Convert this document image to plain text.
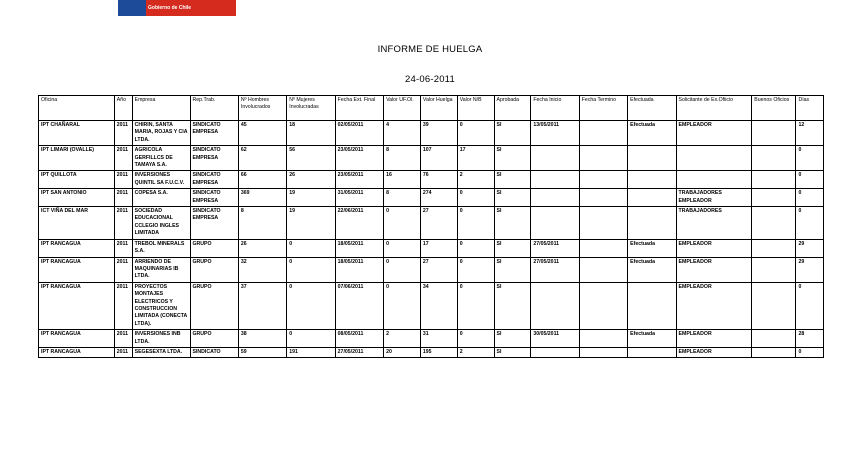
Gobierno de Chile
INFORME DE HUELGA
24-06-2011
Oficina	Año	Empresa	Rep.Trab.	Nº Hombres Involucrados	Nº Mujeres Involucradas	Fecha Ext. Final	Valor UF.Ol.	Valor Huelga	Valor N/B	Aprobada	Fecha Inicio	Fecha Termino	Efectuada	Solicitante de Ex.Ofiicio	Buenos Oficios	Días
IPT CHAÑARAL	2011	CHIRIN, SANTA MARIA, ROJAS Y CIA LTDA.	SINDICATO EMPRESA	45	18	02/05/2011	4	39	0	SI	13/05/2011		Efectuada	EMPLEADOR		12
IPT LIMARI (OVALLE)	2011	AGRICOLA GERFILLCS DE TAMAYA S.A.	SINDICATO EMPRESA	62	56	23/05/2011	8	107	17	SI						0
IPT QUILLOTA	2011	INVERSIONES QUINTIL SA F.U.C.V.	SINDICATO EMPRESA	66	26	23/05/2011	16	76	2	SI						0
IPT SAN ANTONIO	2011	COPESA S.A.	SINDICATO EMPRESA	369	19	31/05/2011	8	274	0	SI				TRABAJADORES EMPLEADOR		0
ICT VIÑA DEL MAR	2011	SOCIEDAD EDUCACIONAL CCLEGIO INGLES LIMITADA	SINDICATO EMPRESA	8	19	22/06/2011	0	27	0	SI				TRABAJADORES		0
IPT RANCAGUA	2011	TREBOL MINERALS S.A.	GRUPO	26	0	18/05/2011	0	17	0	SI	27/05/2011		Efectuada	EMPLEADOR		29
IPT RANCAGUA	2011	ARRIENDO DE MAQUINARIAS IB LTDA.	GRUPO	32	0	18/05/2011	0	27	0	SI	27/05/2011		Efectuada	EMPLEADOR		29
IPT RANCAGUA	2011	PROYECTOS MONTAJES ELECTRICOS Y CONSTRUCCION LIMITADA (CONECTA LTDA).	GRUPO	37	0	07/06/2011	0	34	0	SI				EMPLEADOR		0
IPT RANCAGUA	2011	INVERSIONES INB LTDA.	GRUPO	38	0	08/05/2011	2	31	0	SI	30/05/2011		Efectuada	EMPLEADOR		28
IPT RANCAGUA	2011	SEGESEXTA LTDA.	SINDICATO	59	191	27/05/2011	20	195	2	SI				EMPLEADOR		0
